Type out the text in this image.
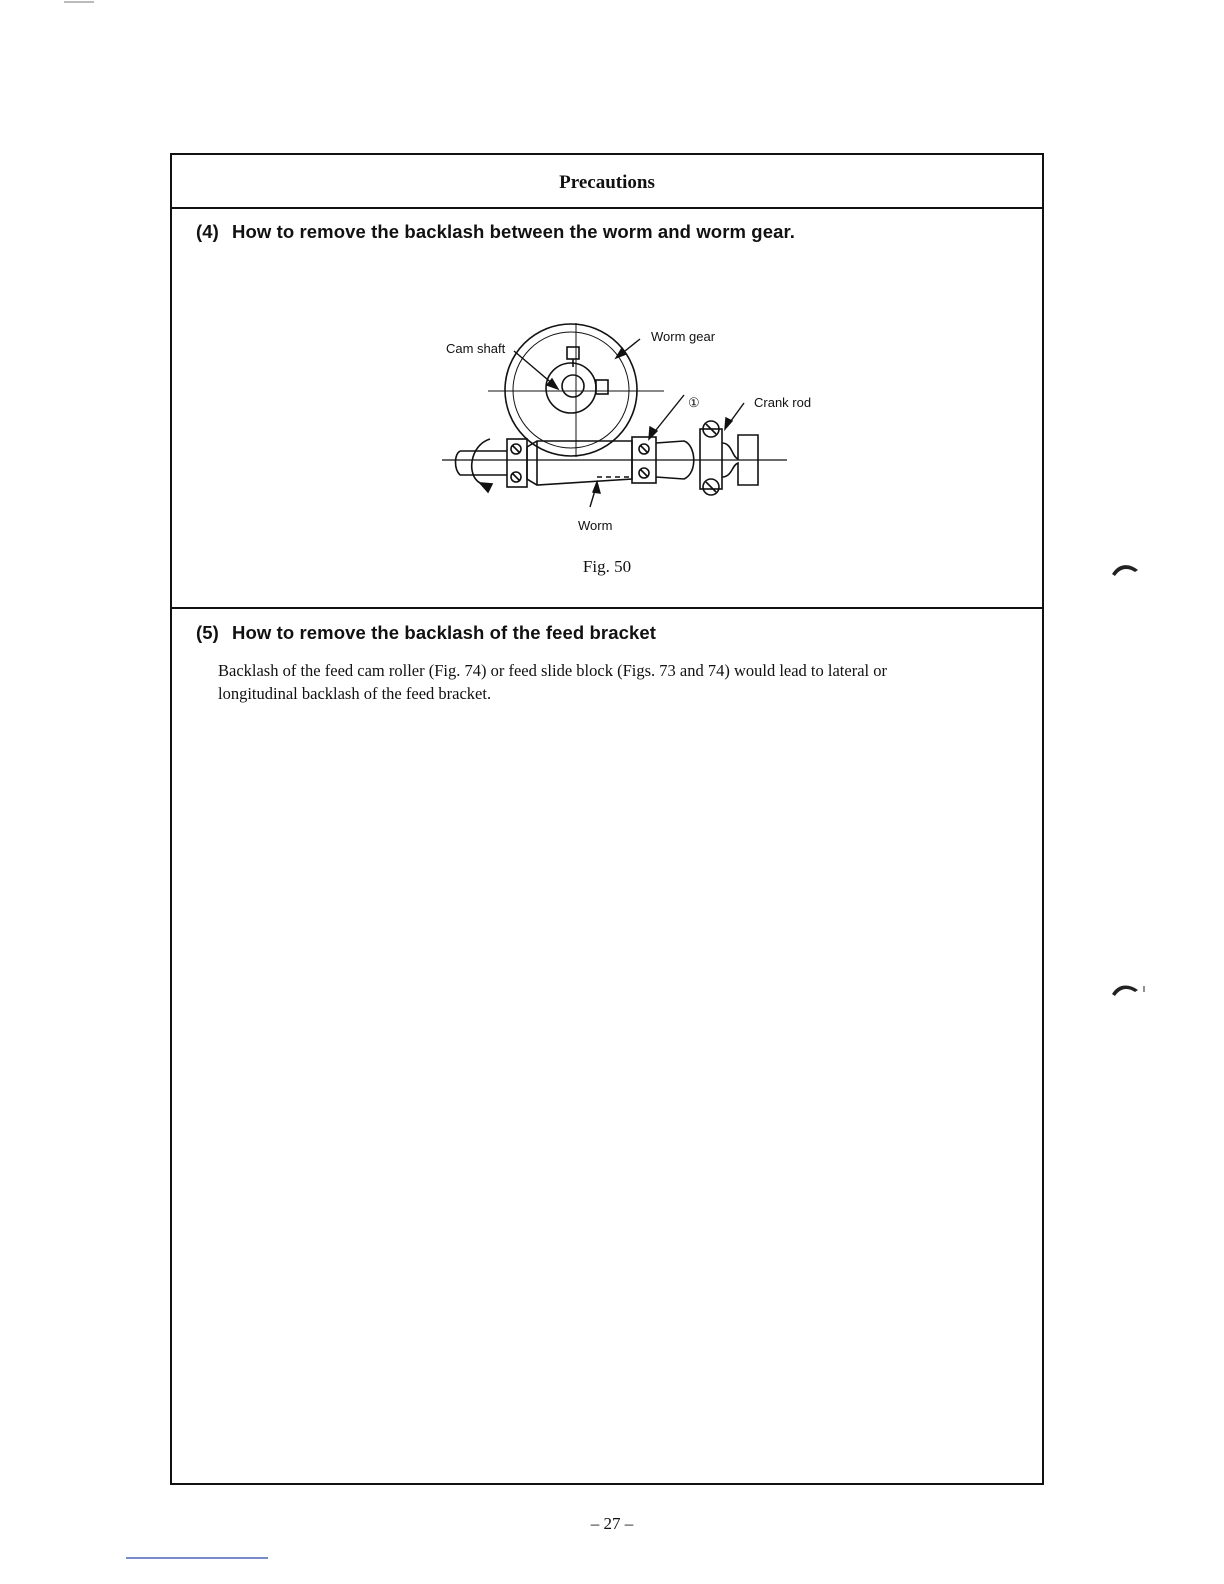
Precautions
(4) How to remove the backlash between the worm and worm gear.
Cam shaft
Worm gear
①	Crank rod
Worm
Fig. 50
(5) How to remove the backlash of the feed bracket

Backlash of the feed cam roller (Fig. 74) or feed slide block (Figs. 73 and 74) would lead to lateral or

longitudinal backlash of the feed bracket.

– 27 –
